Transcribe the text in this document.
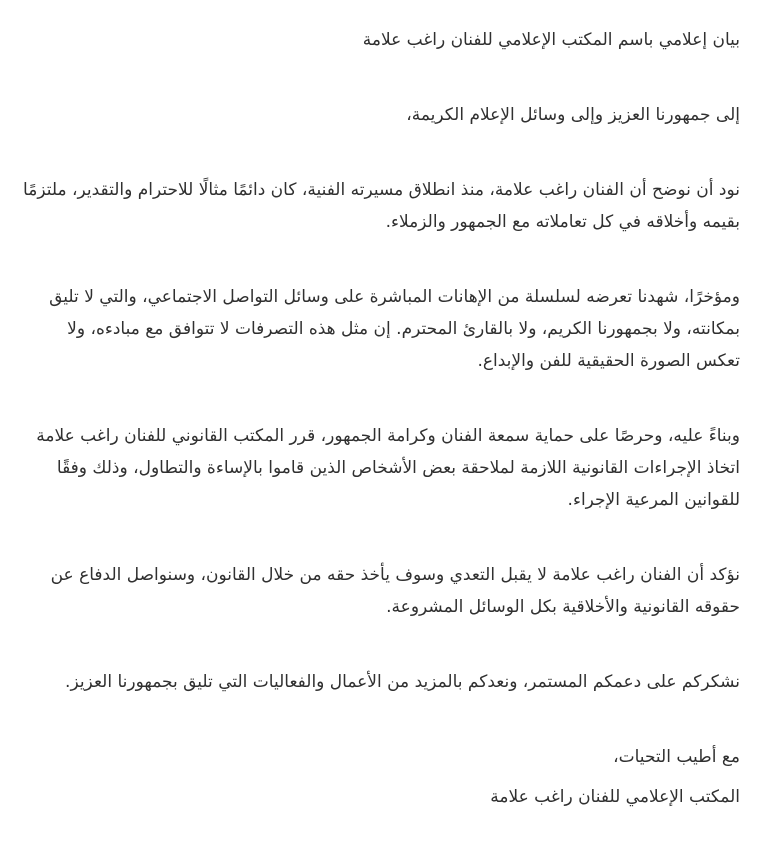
بيان إعلامي باسم المكتب الإعلامي للفنان راغب علامة
إلى جمهورنا العزيز وإلى وسائل الإعلام الكريمة،
نود أن نوضح أن الفنان راغب علامة، منذ انطلاق مسيرته الفنية، كان دائمًا مثالًا للاحترام والتقدير، ملتزمًا
بقيمه وأخلاقه في كل تعاملاته مع الجمهور والزملاء.
ومؤخرًا، شهدنا تعرضه لسلسلة من الإهانات المباشرة على وسائل التواصل الاجتماعي، والتي لا تليق
بمكانته، ولا بجمهورنا الكريم، ولا بالقارئ المحترم. إن مثل هذه التصرفات لا تتوافق مع مبادءه، ولا
تعكس الصورة الحقيقية للفن والإبداع.
وبناءً عليه، وحرصًا على حماية سمعة الفنان وكرامة الجمهور، قرر المكتب القانوني للفنان راغب علامة
اتخاذ الإجراءات القانونية اللازمة لملاحقة بعض الأشخاص الذين قاموا بالإساءة والتطاول، وذلك وفقًا
للقوانين المرعية الإجراء.
نؤكد أن الفنان راغب علامة لا يقبل التعدي وسوف يأخذ حقه من خلال القانون، وسنواصل الدفاع عن
حقوقه القانونية والأخلاقية بكل الوسائل المشروعة.
نشكركم على دعمكم المستمر، ونعدكم بالمزيد من الأعمال والفعاليات التي تليق بجمهورنا العزيز.
مع أطيب التحيات،
المكتب الإعلامي للفنان راغب علامة
